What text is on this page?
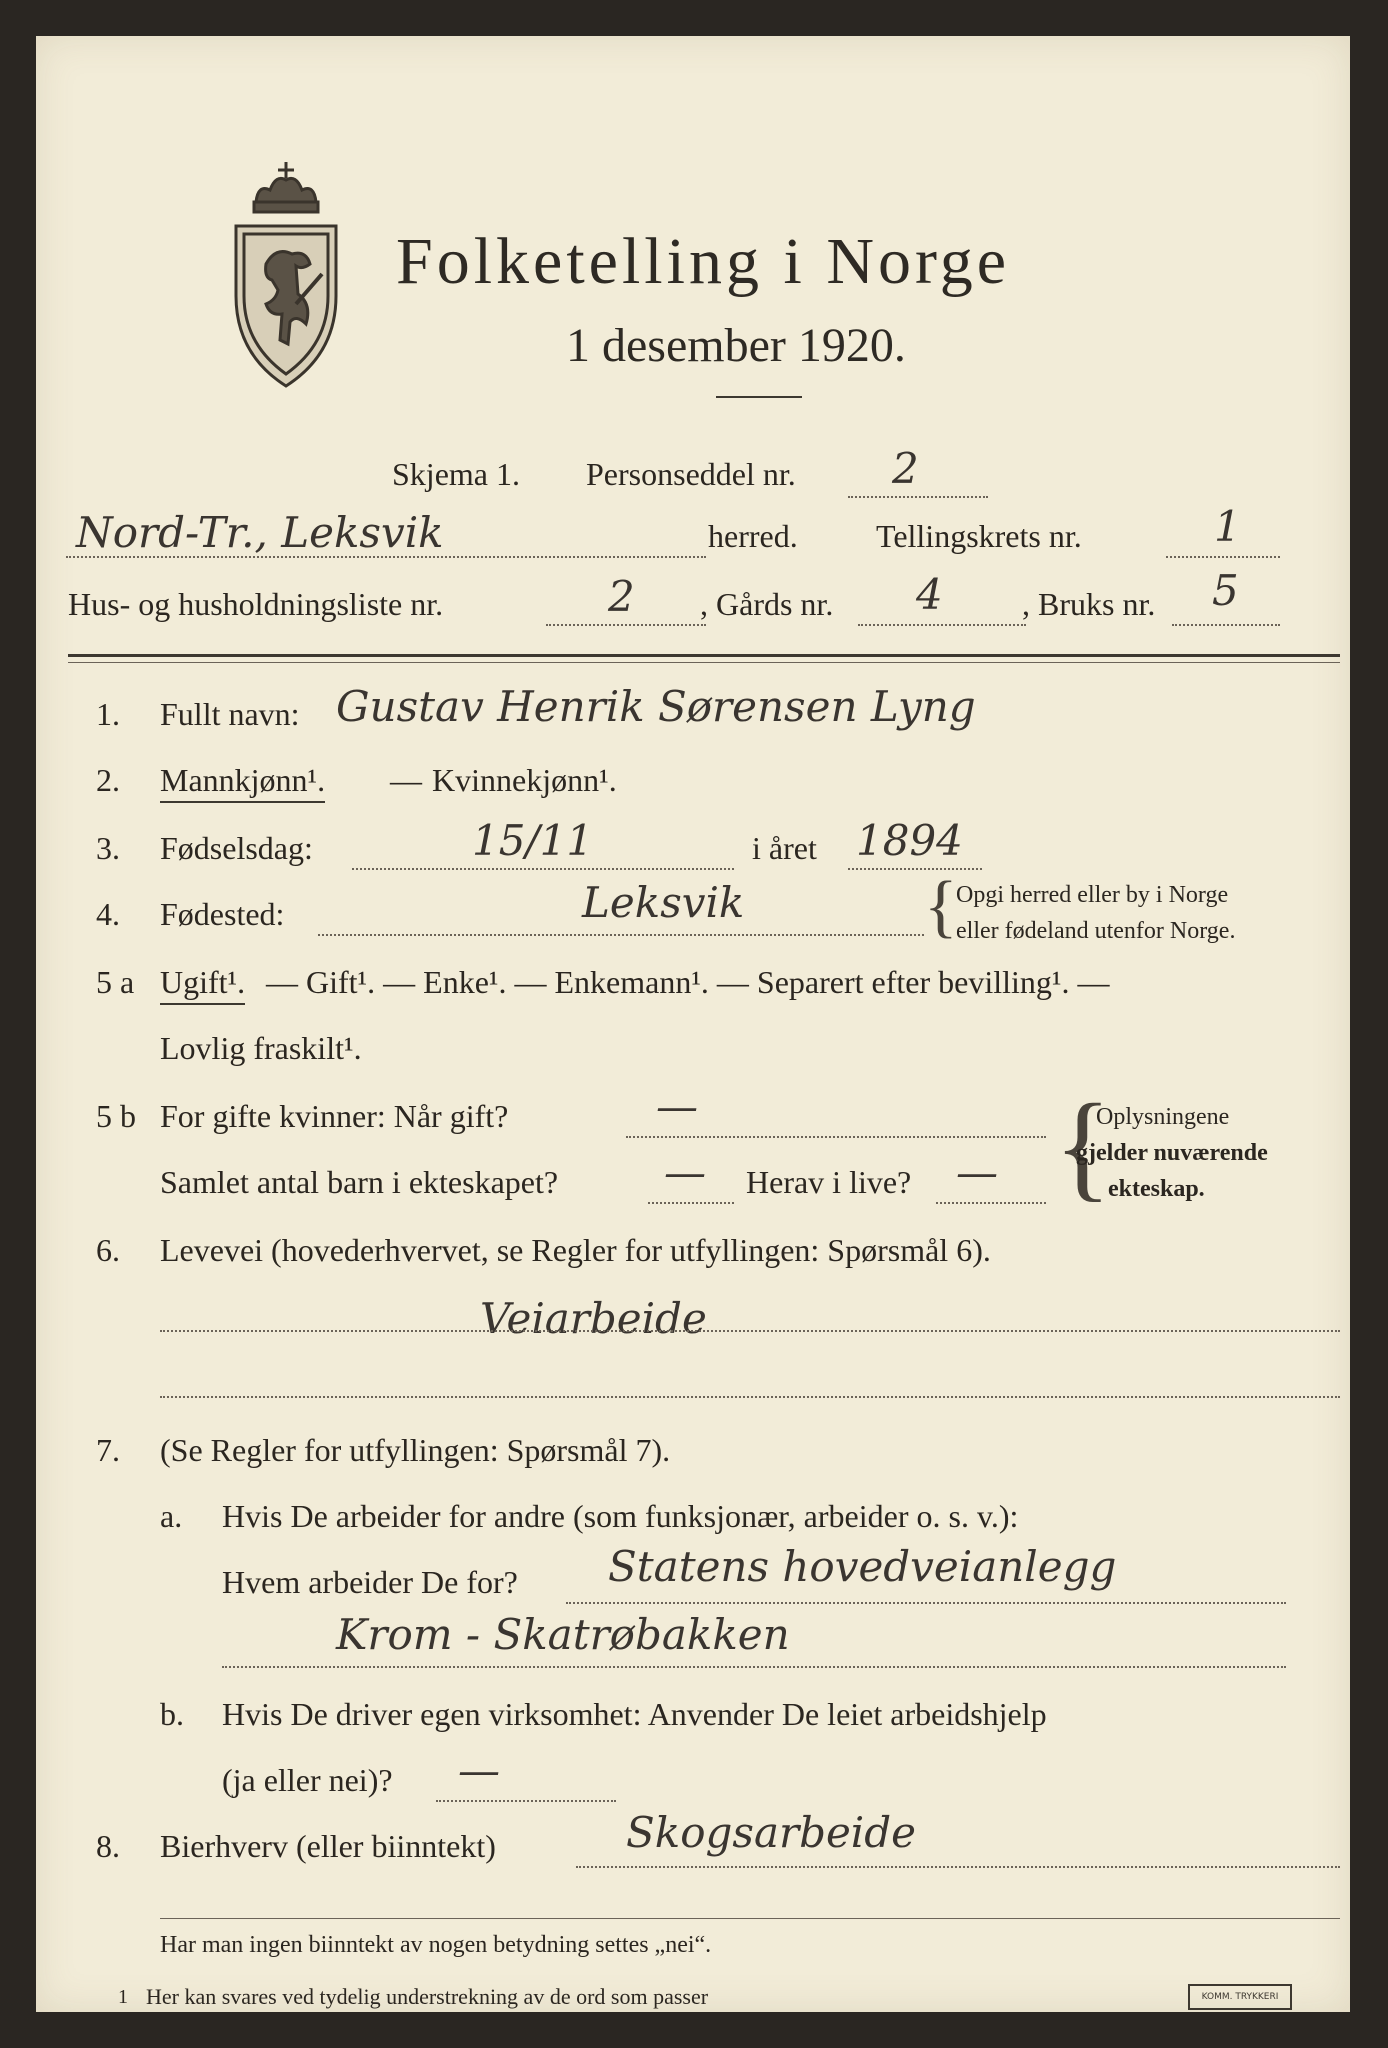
Folketelling i Norge
1 desember 1920.
Skjema 1. Personseddel nr. 2
Nord-Tr., Leksvik	herred. Tellingskrets nr.	1
Hus- og husholdningsliste nr.	2 , Gårds nr. 4 , Bruks nr. 5
1. Fullt navn: Gustav Henrik Sørensen Lyng
2. Mannkjønn¹. — Kvinnekjønn¹.
3. Fødselsdag:	15/11	i året 1894
4. Fødested:	Leksvik	{
Opgi herred eller by i Norge
eller fødeland utenfor Norge.
5 a Ugift¹. — Gift¹. — Enke¹. — Enkemann¹. — Separert efter bevilling¹. —
Lovlig fraskilt¹.
5 b For gifte kvinner: Når gift?	—
Samlet antal barn i ekteskapet?	— Herav i live? — {
Oplysningene
gjelder nuværende
ekteskap.
6. Levevei (hovederhvervet, se Regler for utfyllingen: Spørsmål 6).
Veiarbeide
7. (Se Regler for utfyllingen: Spørsmål 7).
a. Hvis De arbeider for andre (som funksjonær, arbeider o. s. v.):
Hvem arbeider De for? Statens hovedveianlegg
Krom - Skatrøbakken
b. Hvis De driver egen virksomhet: Anvender De leiet arbeidshjelp
(ja eller nei)? —
8. Bierhverv (eller biinntekt)	Skogsarbeide
Har man ingen biinntekt av nogen betydning settes „nei“.
1 Her kan svares ved tydelig understrekning av de ord som passer	KOMM. TRYKKERI
